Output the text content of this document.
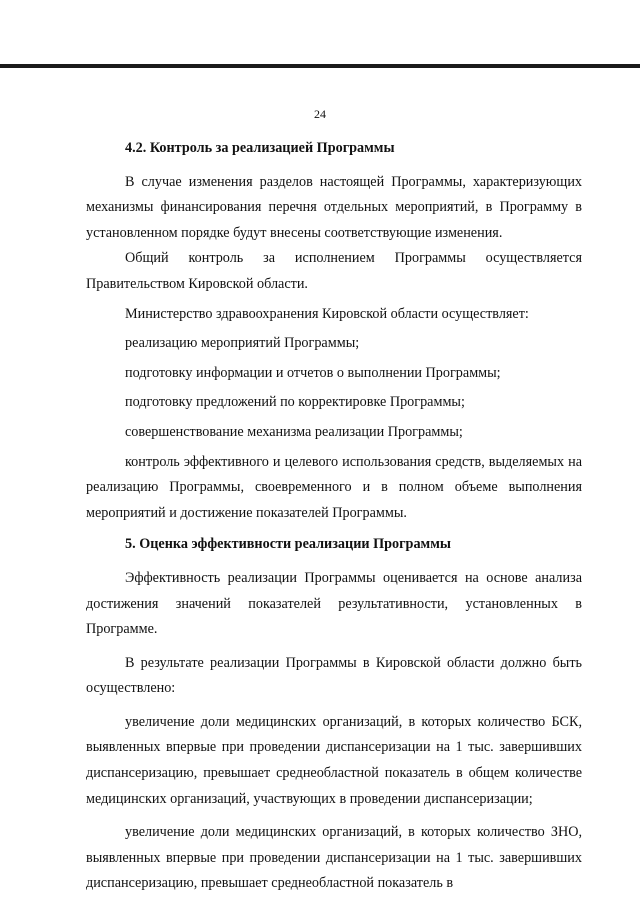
24

4.2. Контроль за реализацией Программы

В случае изменения разделов настоящей Программы, характеризующих механизмы финансирования перечня отдельных мероприятий, в Программу в установленном порядке будут внесены соответствующие изменения.

Общий контроль за исполнением Программы осуществляется Правительством Кировской области.

Министерство здравоохранения Кировской области осуществляет:

реализацию мероприятий Программы;

подготовку информации и отчетов о выполнении Программы;

подготовку предложений по корректировке Программы;

совершенствование механизма реализации Программы;

контроль эффективного и целевого использования средств, выделяемых на реализацию Программы, своевременного и в полном объеме выполнения мероприятий и достижение показателей Программы.

5. Оценка эффективности реализации Программы

Эффективность реализации Программы оценивается на основе анализа достижения значений показателей результативности, установленных в Программе.

В результате реализации Программы в Кировской области должно быть осуществлено:

увеличение доли медицинских организаций, в которых количество БСК, выявленных впервые при проведении диспансеризации на 1 тыс. завершивших диспансеризацию, превышает среднеобластной показатель в общем количестве медицинских организаций, участвующих в проведении диспансеризации;

увеличение доли медицинских организаций, в которых количество ЗНО, выявленных впервые при проведении диспансеризации на 1 тыс. завершивших диспансеризацию, превышает среднеобластной показатель в
